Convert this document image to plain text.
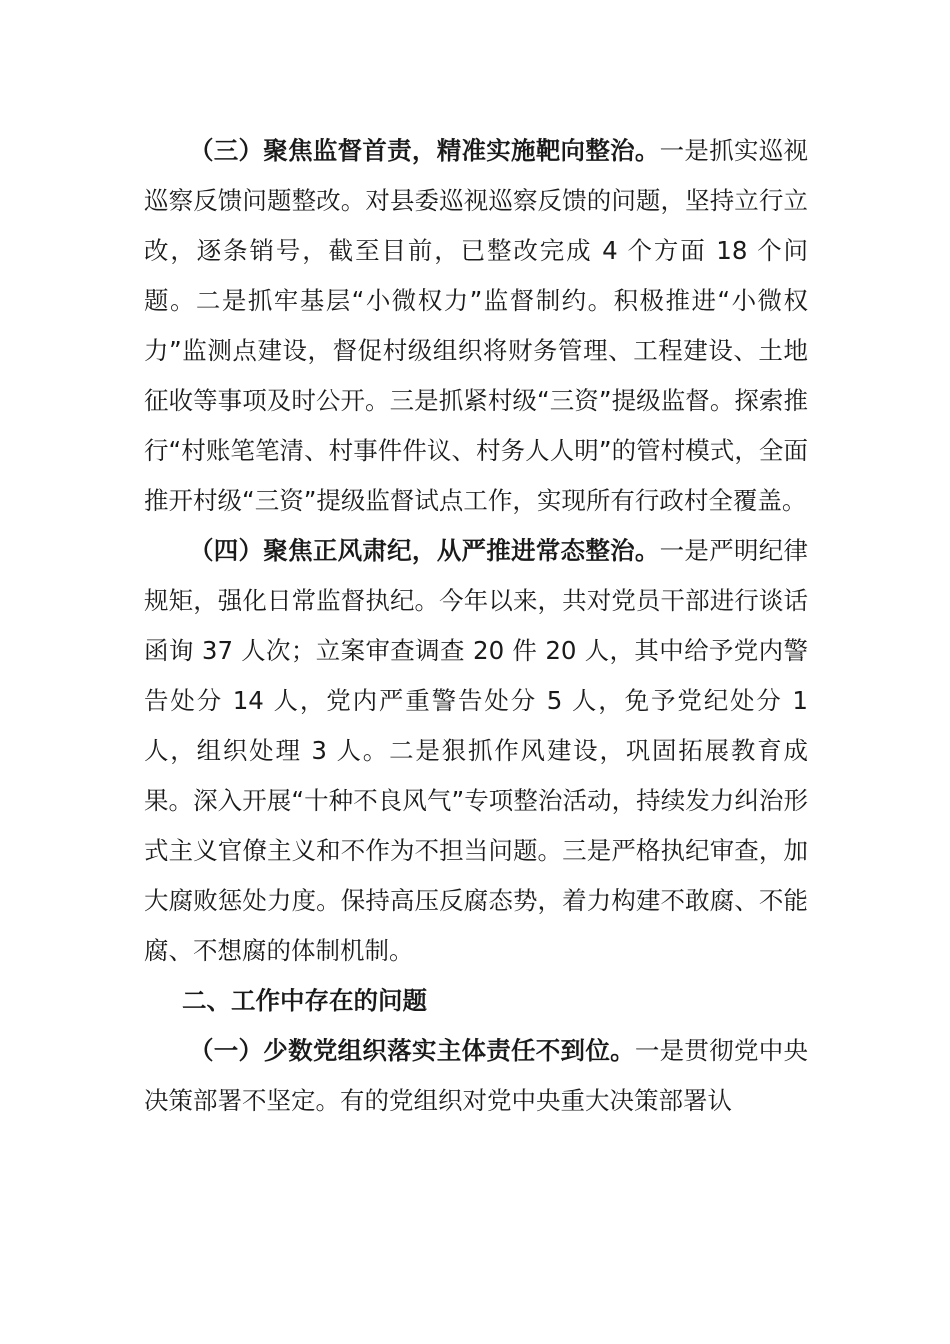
（三）聚焦监督首责，精准实施靶向整治。一是抓实巡视巡察反馈问题整改。对县委巡视巡察反馈的问题，坚持立行立改，逐条销号，截至目前，已整改完成 4 个方面 18 个问题。二是抓牢基层“小微权力”监督制约。积极推进“小微权力”监测点建设，督促村级组织将财务管理、工程建设、土地征收等事项及时公开。三是抓紧村级“三资”提级监督。探索推行“村账笔笔清、村事件件议、村务人人明”的管村模式，全面推开村级“三资”提级监督试点工作，实现所有行政村全覆盖。

（四）聚焦正风肃纪，从严推进常态整治。一是严明纪律规矩，强化日常监督执纪。今年以来，共对党员干部进行谈话函询 37 人次；立案审查调查 20 件 20 人，其中给予党内警告处分 14 人，党内严重警告处分 5 人，免予党纪处分 1 人，组织处理 3 人。二是狠抓作风建设，巩固拓展教育成果。深入开展“十种不良风气”专项整治活动，持续发力纠治形式主义官僚主义和不作为不担当问题。三是严格执纪审查，加大腐败惩处力度。保持高压反腐态势，着力构建不敢腐、不能腐、不想腐的体制机制。

二、工作中存在的问题

（一）少数党组织落实主体责任不到位。一是贯彻党中央决策部署不坚定。有的党组织对党中央重大决策部署认
